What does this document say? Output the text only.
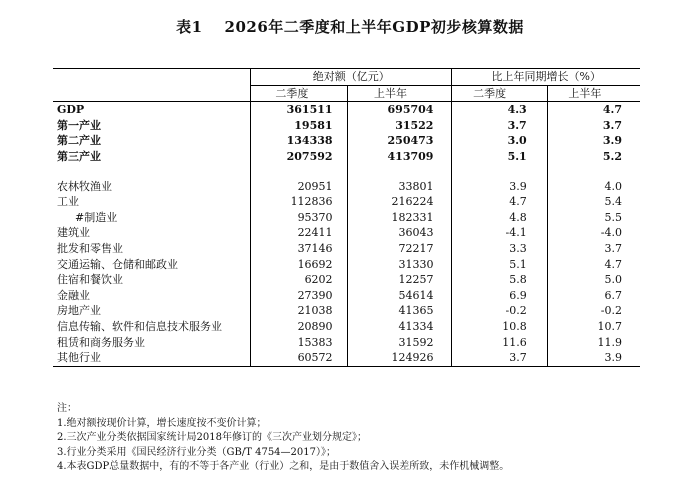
表1 2026年二季度和上半年GDP初步核算数据
	绝对额（亿元）		比上年同期增长（%）	
	二季度	上半年	二季度	上半年
GDP	361511	695704	4.3	4.7
第一产业	19581	31522	3.7	3.7
第二产业	134338	250473	3.0	3.9
第三产业	207592	413709	5.1	5.2

农林牧渔业	20951	33801	3.9	4.0
工业	112836	216224	4.7	5.4
#制造业	95370	182331	4.8	5.5
建筑业	22411	36043	-4.1	-4.0
批发和零售业	37146	72217	3.3	3.7
交通运输、仓储和邮政业	16692	31330	5.1	4.7
住宿和餐饮业	6202	12257	5.8	5.0
金融业	27390	54614	6.9	6.7
房地产业	21038	41365	-0.2	-0.2
信息传输、软件和信息技术服务业	20890	41334	10.8	10.7
租赁和商务服务业	15383	31592	11.6	11.9
其他行业	60572	124926	3.7	3.9
注：
1.绝对额按现价计算，增长速度按不变价计算；
2.三次产业分类依据国家统计局2018年修订的《三次产业划分规定》；
3.行业分类采用《国民经济行业分类（GB/T 4754—2017）》；
4.本表GDP总量数据中，有的不等于各产业（行业）之和，是由于数值舍入误差所致，未作机械调整。
